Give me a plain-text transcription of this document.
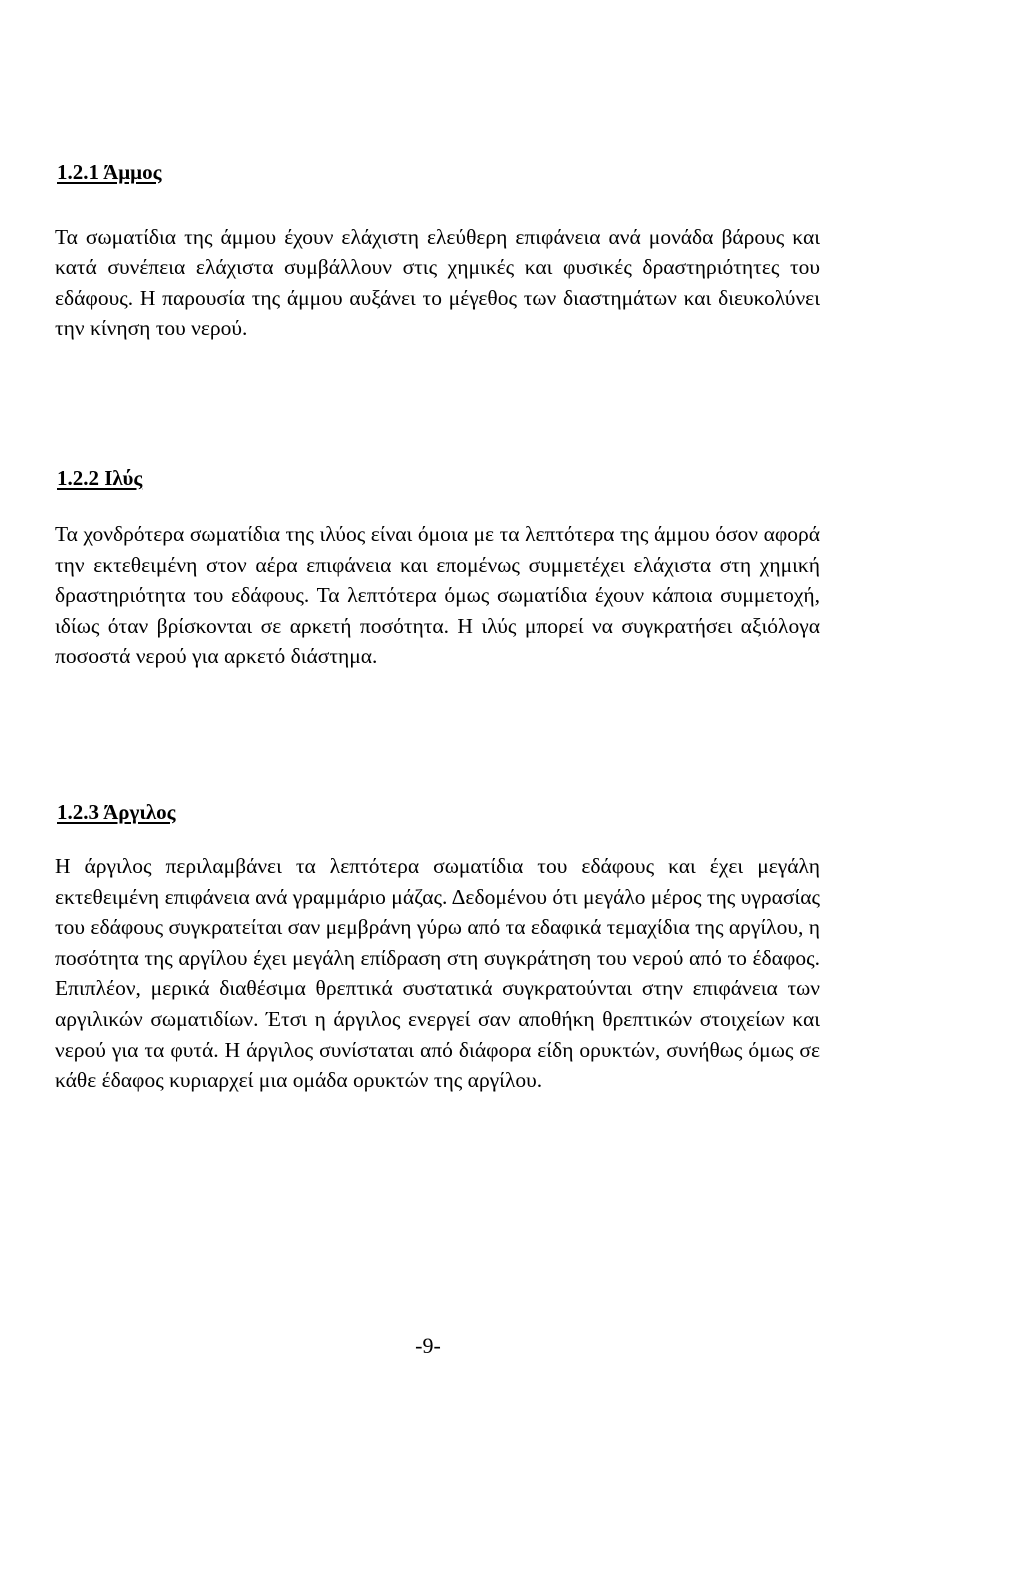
1.2.1 Άμμος

Τα σωματίδια της άμμου έχουν ελάχιστη ελεύθερη επιφάνεια ανά μονάδα βάρους και κατά συνέπεια ελάχιστα συμβάλλουν στις χημικές και φυσικές δραστηριότητες του εδάφους. Η παρουσία της άμμου αυξάνει το μέγεθος των διαστημάτων και διευκολύνει την κίνηση του νερού.

1.2.2 Ιλύς

Τα χονδρότερα σωματίδια της ιλύος είναι όμοια με τα λεπτότερα της άμμου όσον αφορά την εκτεθειμένη στον αέρα επιφάνεια και επομένως συμμετέχει ελάχιστα στη χημική δραστηριότητα του εδάφους. Τα λεπτότερα όμως σωματίδια έχουν κάποια συμμετοχή, ιδίως όταν βρίσκονται σε αρκετή ποσότητα. Η ιλύς μπορεί να συγκρατήσει αξιόλογα ποσοστά νερού για αρκετό διάστημα.

1.2.3 Άργιλος

Η άργιλος περιλαμβάνει τα λεπτότερα σωματίδια του εδάφους και έχει μεγάλη εκτεθειμένη επιφάνεια ανά γραμμάριο μάζας. Δεδομένου ότι μεγάλο μέρος της υγρασίας του εδάφους συγκρατείται σαν μεμβράνη γύρω από τα εδαφικά τεμαχίδια της αργίλου, η ποσότητα της αργίλου έχει μεγάλη επίδραση στη συγκράτηση του νερού από το έδαφος. Επιπλέον, μερικά διαθέσιμα θρεπτικά συστατικά συγκρατούνται στην επιφάνεια των αργιλικών σωματιδίων. Έτσι η άργιλος ενεργεί σαν αποθήκη θρεπτικών στοιχείων και νερού για τα φυτά. Η άργιλος συνίσταται από διάφορα είδη ορυκτών, συνήθως όμως σε κάθε έδαφος κυριαρχεί μια ομάδα ορυκτών της αργίλου.

-9-
